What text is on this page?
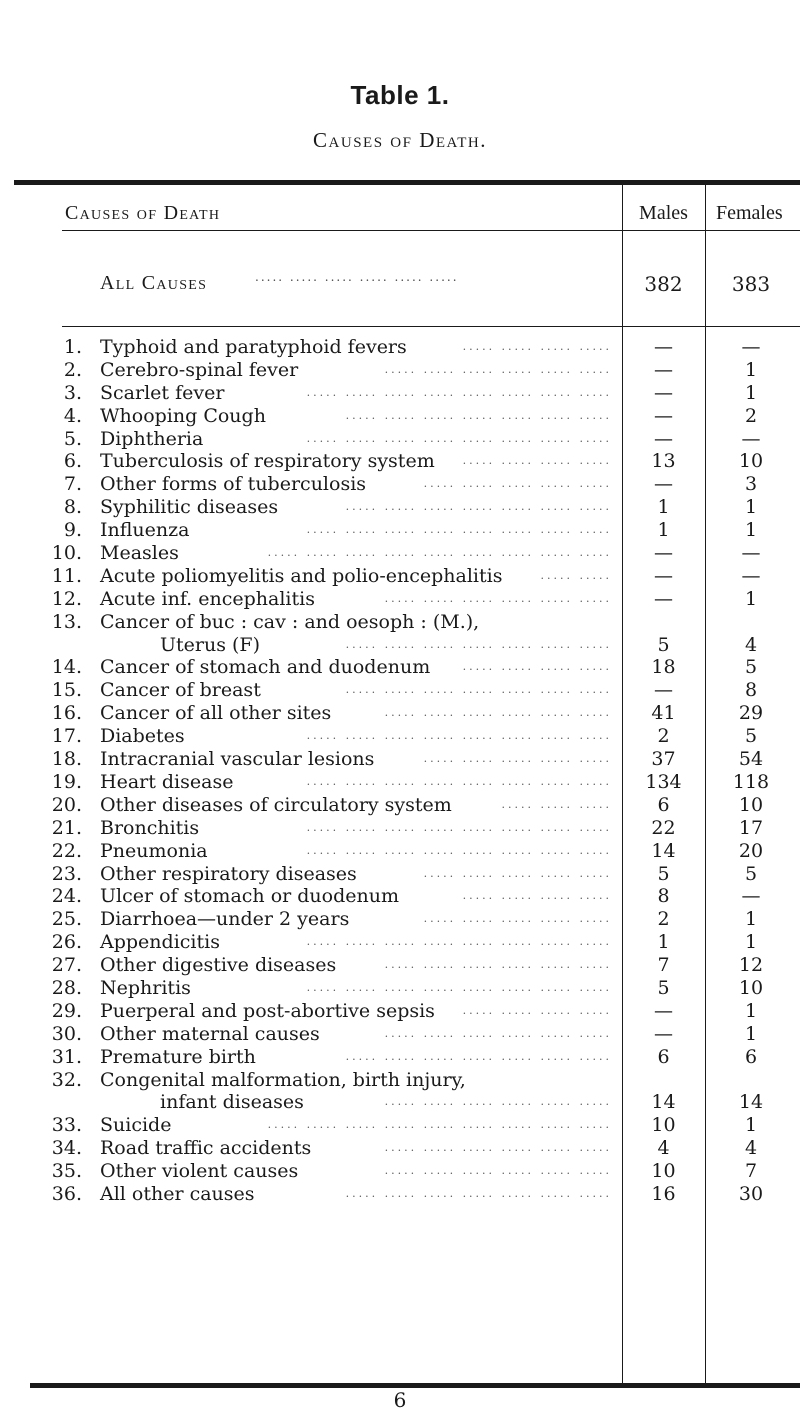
Table 1.
Causes of Death.
Causes of Death	Males	Females
All Causes	..... ..... ..... ..... ..... .....	382	383
1. Typhoid and paratyphoid fevers	..... ..... ..... .....	—	—
2. Cerebro-spinal fever	..... ..... ..... ..... ..... .....	—	1
3. Scarlet fever	..... ..... ..... ..... ..... ..... ..... .....	—	1
4. Whooping Cough	..... ..... ..... ..... ..... ..... .....	—	2
5. Diphtheria	..... ..... ..... ..... ..... ..... ..... .....	—	—
6. Tuberculosis of respiratory system	..... ..... ..... .....	13	10
7. Other forms of tuberculosis	..... ..... ..... ..... .....	—	3
8. Syphilitic diseases	..... ..... ..... ..... ..... ..... .....	1	1
9. Influenza	..... ..... ..... ..... ..... ..... ..... .....	1	1
10. Measles	..... ..... ..... ..... ..... ..... ..... ..... .....	—	—
11. Acute poliomyelitis and polio-encephalitis	..... .....	—	—
12. Acute inf. encephalitis	..... ..... ..... ..... ..... .....	—	1
13. Cancer of buc : cav : and oesoph : (M.),
Uterus (F)	..... ..... ..... ..... ..... ..... .....	5	4
14. Cancer of stomach and duodenum	..... ..... ..... .....	18	5
15. Cancer of breast	..... ..... ..... ..... ..... ..... .....	—	8
16. Cancer of all other sites	..... ..... ..... ..... ..... .....	41	29
17. Diabetes	..... ..... ..... ..... ..... ..... ..... .....	2	5
18. Intracranial vascular lesions	..... ..... ..... ..... .....	37	54
19. Heart disease	..... ..... ..... ..... ..... ..... ..... .....	134	118
20. Other diseases of circulatory system	..... ..... .....	6	10
21. Bronchitis	..... ..... ..... ..... ..... ..... ..... .....	22	17
22. Pneumonia	..... ..... ..... ..... ..... ..... ..... .....	14	20
23. Other respiratory diseases	..... ..... ..... ..... .....	5	5
24. Ulcer of stomach or duodenum	..... ..... ..... .....	8	—
25. Diarrhoea—under 2 years	..... ..... ..... ..... .....	2	1
26. Appendicitis	..... ..... ..... ..... ..... ..... ..... .....	1	1
27. Other digestive diseases	..... ..... ..... ..... ..... .....	7	12
28. Nephritis	..... ..... ..... ..... ..... ..... ..... .....	5	10
29. Puerperal and post-abortive sepsis	..... ..... ..... .....	—	1
30. Other maternal causes	..... ..... ..... ..... ..... .....	—	1
31. Premature birth	..... ..... ..... ..... ..... ..... .....	6	6
32. Congenital malformation, birth injury,
infant diseases	..... ..... ..... ..... ..... .....	14	14
33. Suicide	..... ..... ..... ..... ..... ..... ..... ..... .....	10	1
34. Road traffic accidents	..... ..... ..... ..... ..... .....	4	4
35. Other violent causes	..... ..... ..... ..... ..... .....	10	7
36. All other causes	..... ..... ..... ..... ..... ..... .....	16	30
6
